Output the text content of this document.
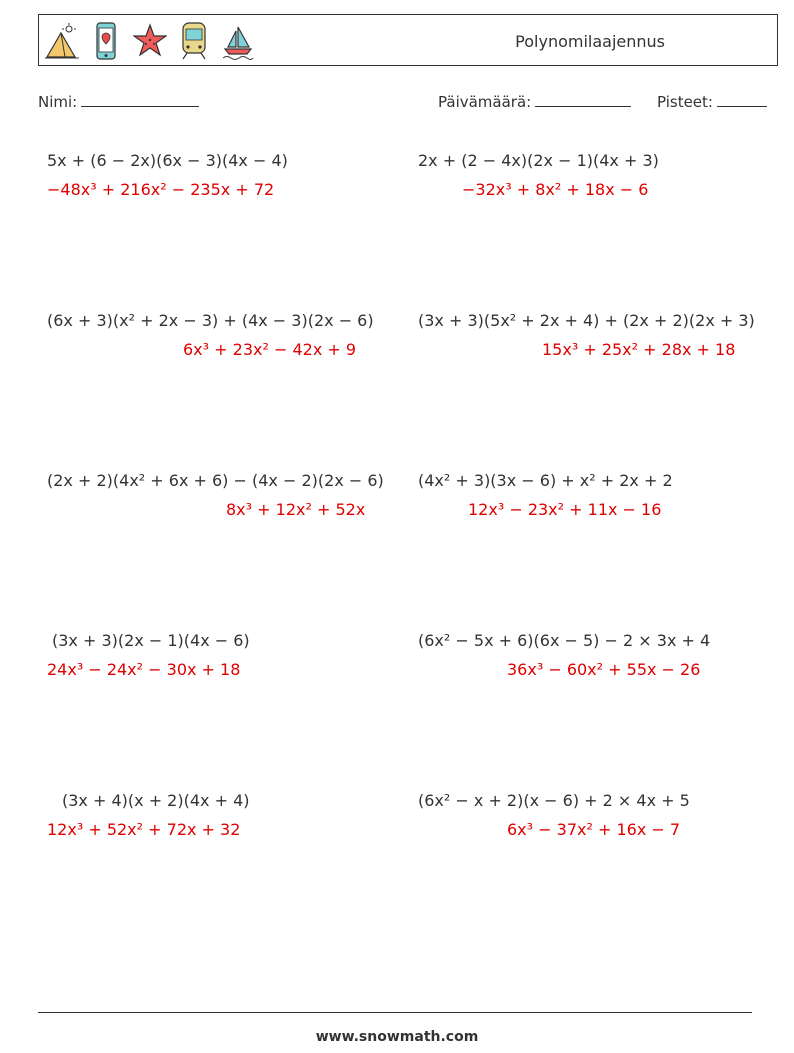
Polynomilaajennus
Nimi:	Päivämäärä:	Pisteet:
5x + (6 − 2x)(6x − 3)(4x − 4)
−48x³ + 216x² − 235x + 72
2x + (2 − 4x)(2x − 1)(4x + 3)
−32x³ + 8x² + 18x − 6
(6x + 3)(x² + 2x − 3) + (4x − 3)(2x − 6)
6x³ + 23x² − 42x + 9
(3x + 3)(5x² + 2x + 4) + (2x + 2)(2x + 3)
15x³ + 25x² + 28x + 18
(2x + 2)(4x² + 6x + 6) − (4x − 2)(2x − 6)
8x³ + 12x² + 52x
(4x² + 3)(3x − 6) + x² + 2x + 2
12x³ − 23x² + 11x − 16
(3x + 3)(2x − 1)(4x − 6)
24x³ − 24x² − 30x + 18
(6x² − 5x + 6)(6x − 5) − 2 × 3x + 4
36x³ − 60x² + 55x − 26
(3x + 4)(x + 2)(4x + 4)
12x³ + 52x² + 72x + 32
(6x² − x + 2)(x − 6) + 2 × 4x + 5
6x³ − 37x² + 16x − 7
www.snowmath.com
